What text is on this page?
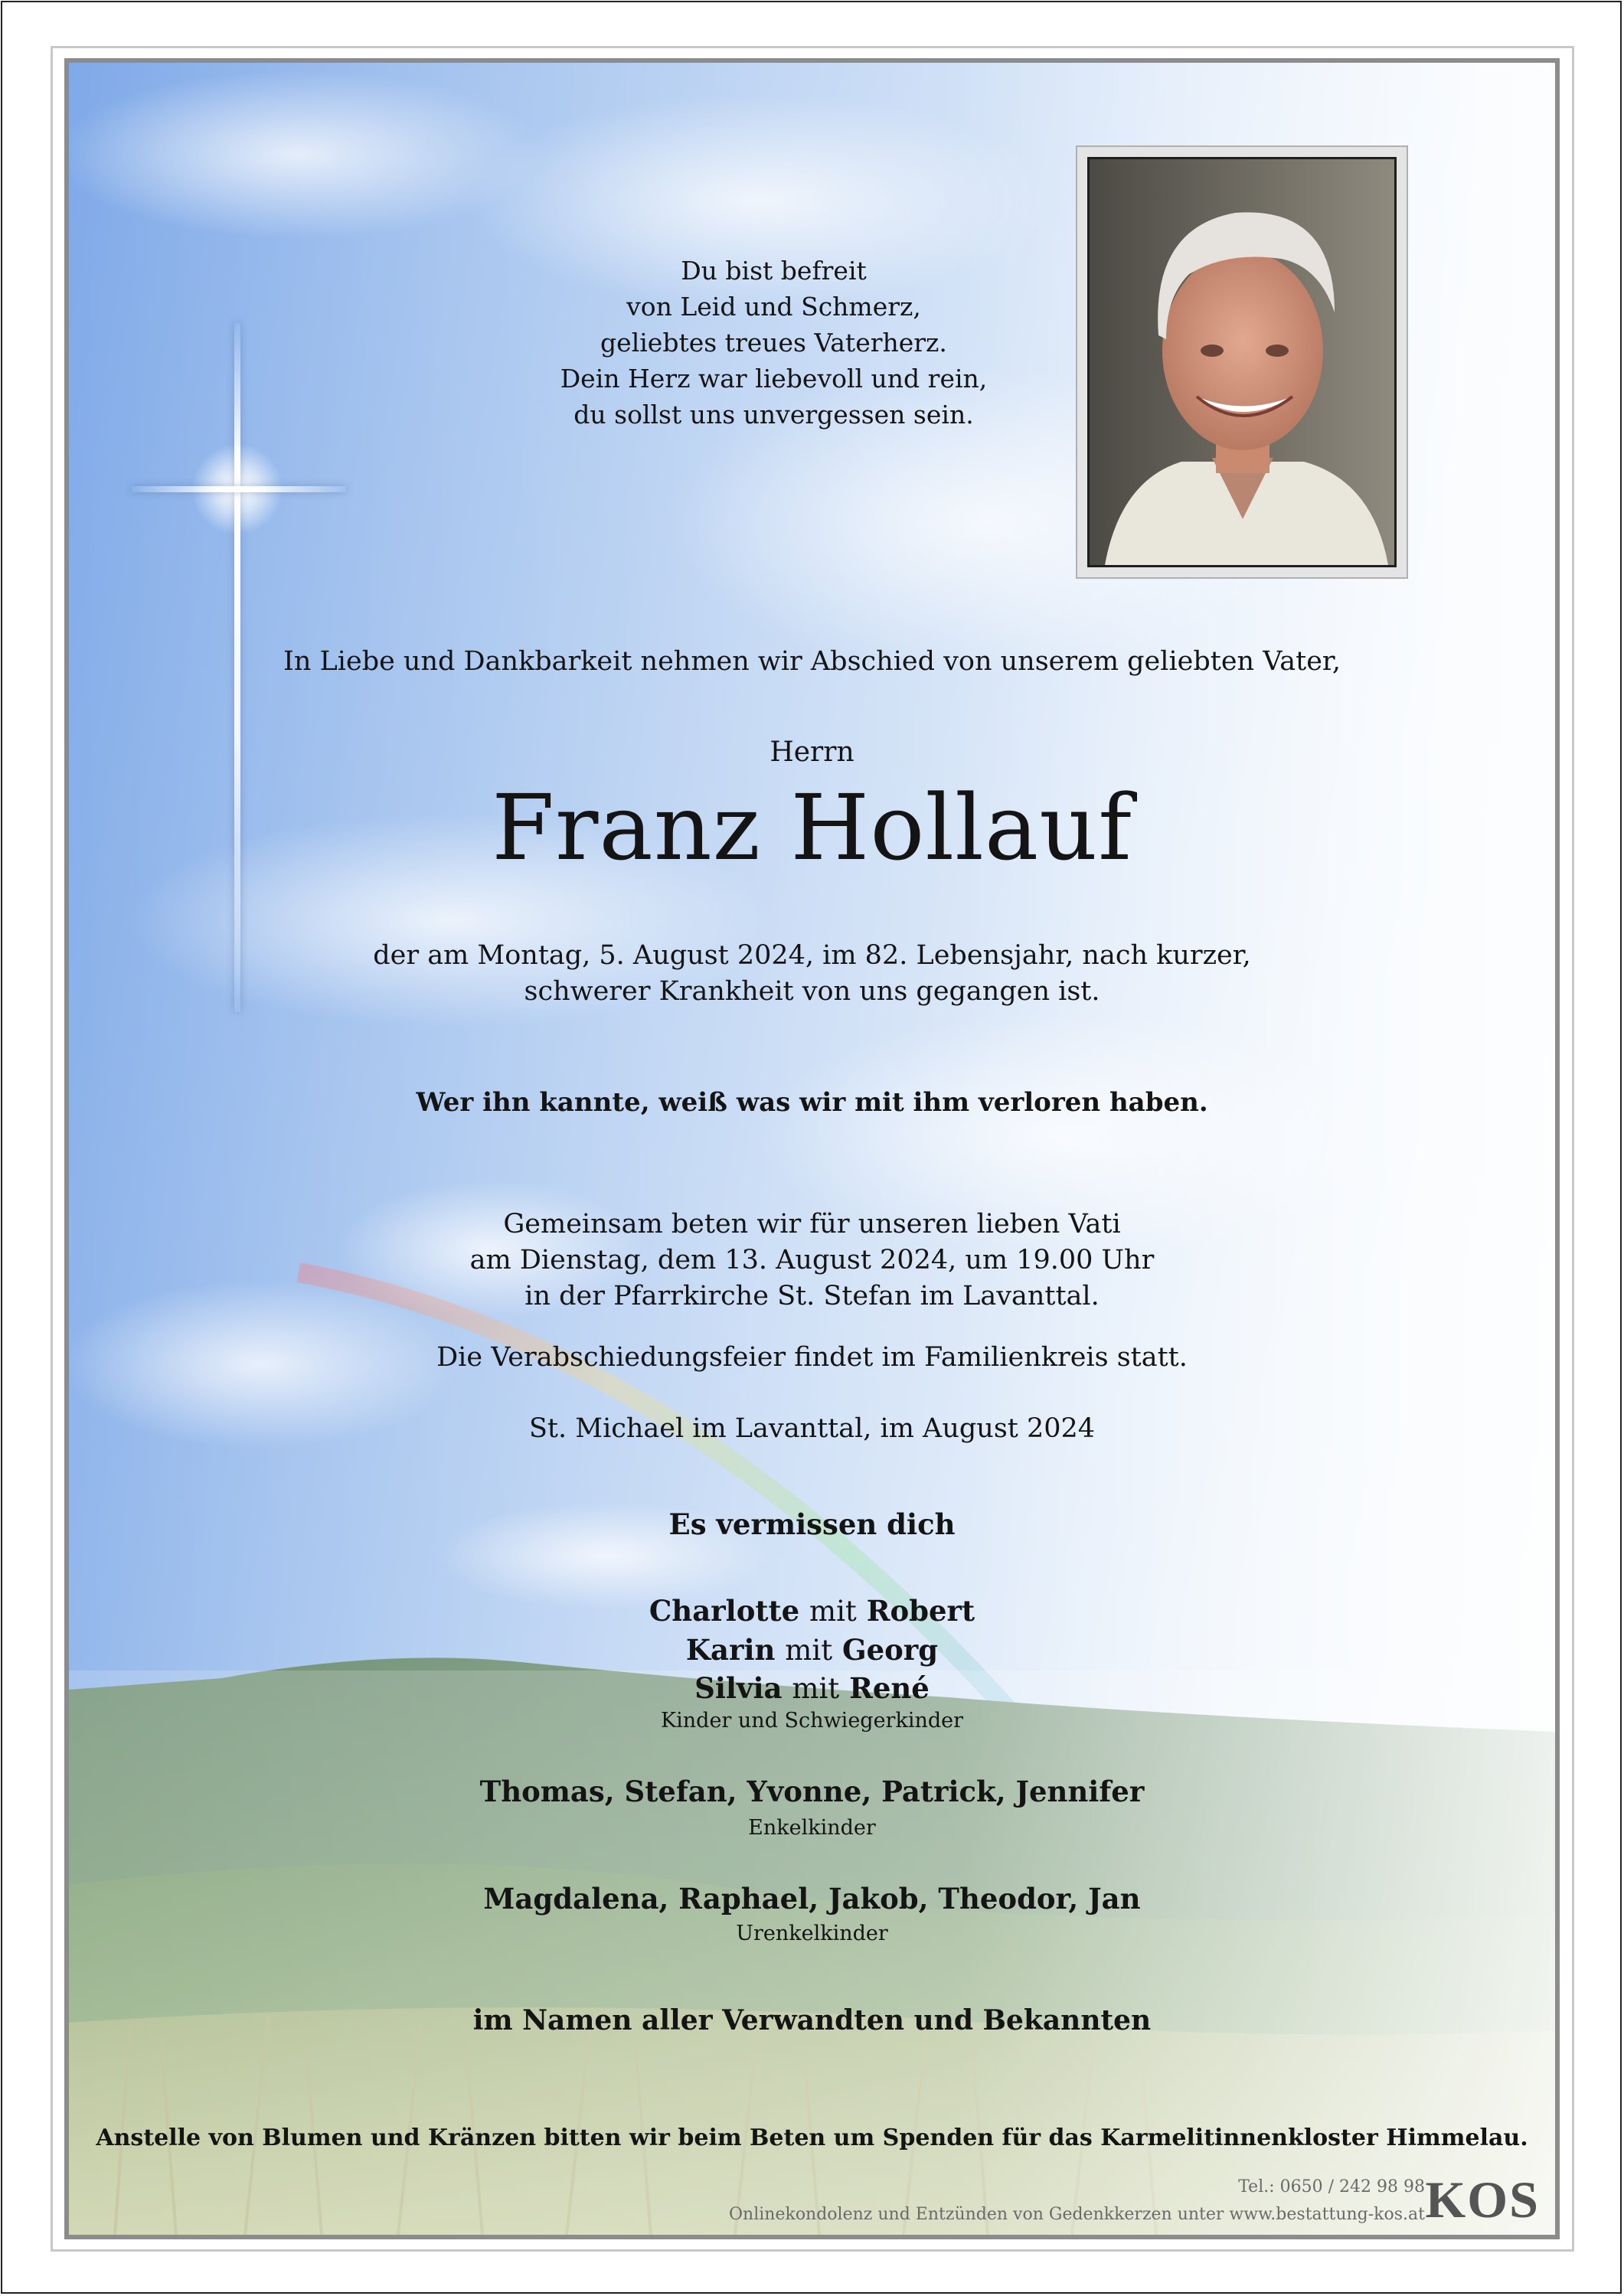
Du bist befreit
von Leid und Schmerz,
geliebtes treues Vaterherz.
Dein Herz war liebevoll und rein,
du sollst uns unvergessen sein.
In Liebe und Dankbarkeit nehmen wir Abschied von unserem geliebten Vater,
Herrn
Franz Hollauf
der am Montag, 5. August 2024, im 82. Lebensjahr, nach kurzer,
schwerer Krankheit von uns gegangen ist.
Wer ihn kannte, weiß was wir mit ihm verloren haben.
Gemeinsam beten wir für unseren lieben Vati
am Dienstag, dem 13. August 2024, um 19.00 Uhr
in der Pfarrkirche St. Stefan im Lavanttal.
Die Verabschiedungsfeier findet im Familienkreis statt.
St. Michael im Lavanttal, im August 2024
Es vermissen dich
Charlotte mit Robert
Karin mit Georg
Silvia mit René
Kinder und Schwiegerkinder
Thomas, Stefan, Yvonne, Patrick, Jennifer
Enkelkinder
Magdalena, Raphael, Jakob, Theodor, Jan
Urenkelkinder
im Namen aller Verwandten und Bekannten
Anstelle von Blumen und Kränzen bitten wir beim Beten um Spenden für das Karmelitinnenkloster Himmelau.
Tel.: 0650 / 242 98 98
Onlinekondolenz und Entzünden von Gedenkkerzen unter www.bestattung-kos.at KOS
